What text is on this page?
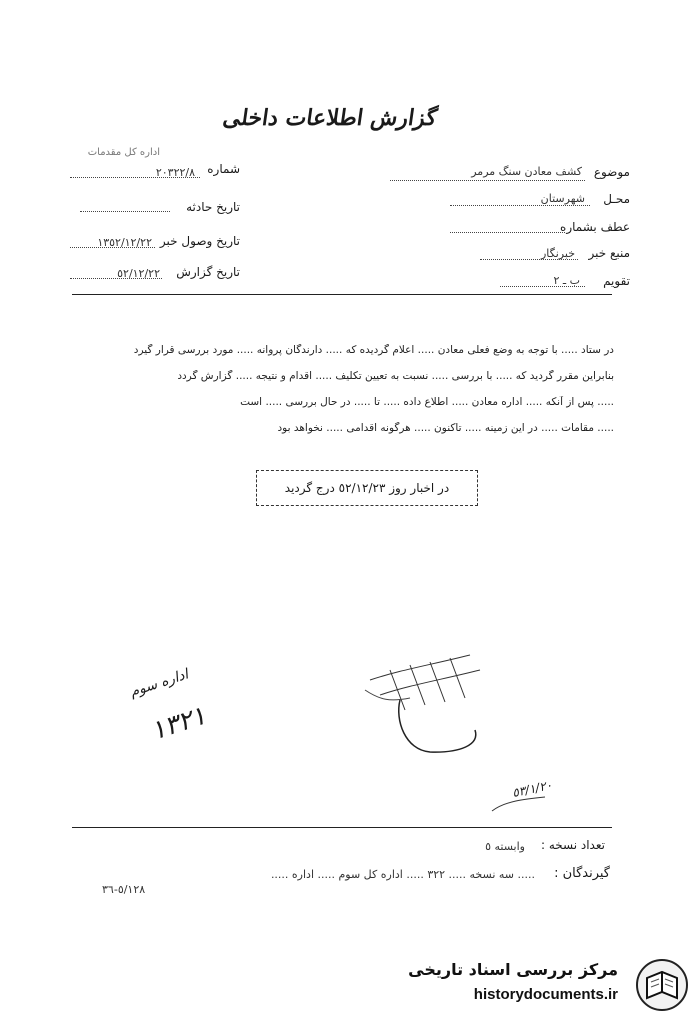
گزارش اطلاعات داخلی
اداره کل مقدمات
شماره
٢٠٣٢٢/٨
تاریخ حادثه
تاریخ وصول خبر
١٣٥٢/١٢/٢٢
تاریخ گزارش
٥٢/١٢/٢٢
موضوع
کشف معادن سنگ مرمر
محـل
شهرستان
عطف بشماره
منبع خبر
خبرنگار
تقویم
ب ـ ٢
در ستاد ..... با توجه به وضع فعلی معادن ..... اعلام گردیده که ..... دارندگان پروانه ..... مورد بررسی قرار گیرد
بنابراین مقرر گردید که ..... با بررسی ..... نسبت به تعیین تکلیف ..... اقدام و نتیجه ..... گزارش گردد
..... پس از آنکه ..... اداره معادن ..... اطلاع داده ..... تا ..... در حال بررسی ..... است
..... مقامات ..... در این زمینه ..... تاکنون ..... هرگونه اقدامی ..... نخواهد بود
در اخبار روز ٥٢/١٢/٢٣ درج گردید
اداره سوم
١٣٢١
٥٣/١/٢٠
تعداد نسخه :
وابسته ٥
گیرندگان :
..... سه نسخه ..... ٣٢٢ ..... اداره کل سوم ..... اداره .....
٥/١٢٨-٣٦
مرکز بررسی اسناد تاریخی
historydocuments.ir
